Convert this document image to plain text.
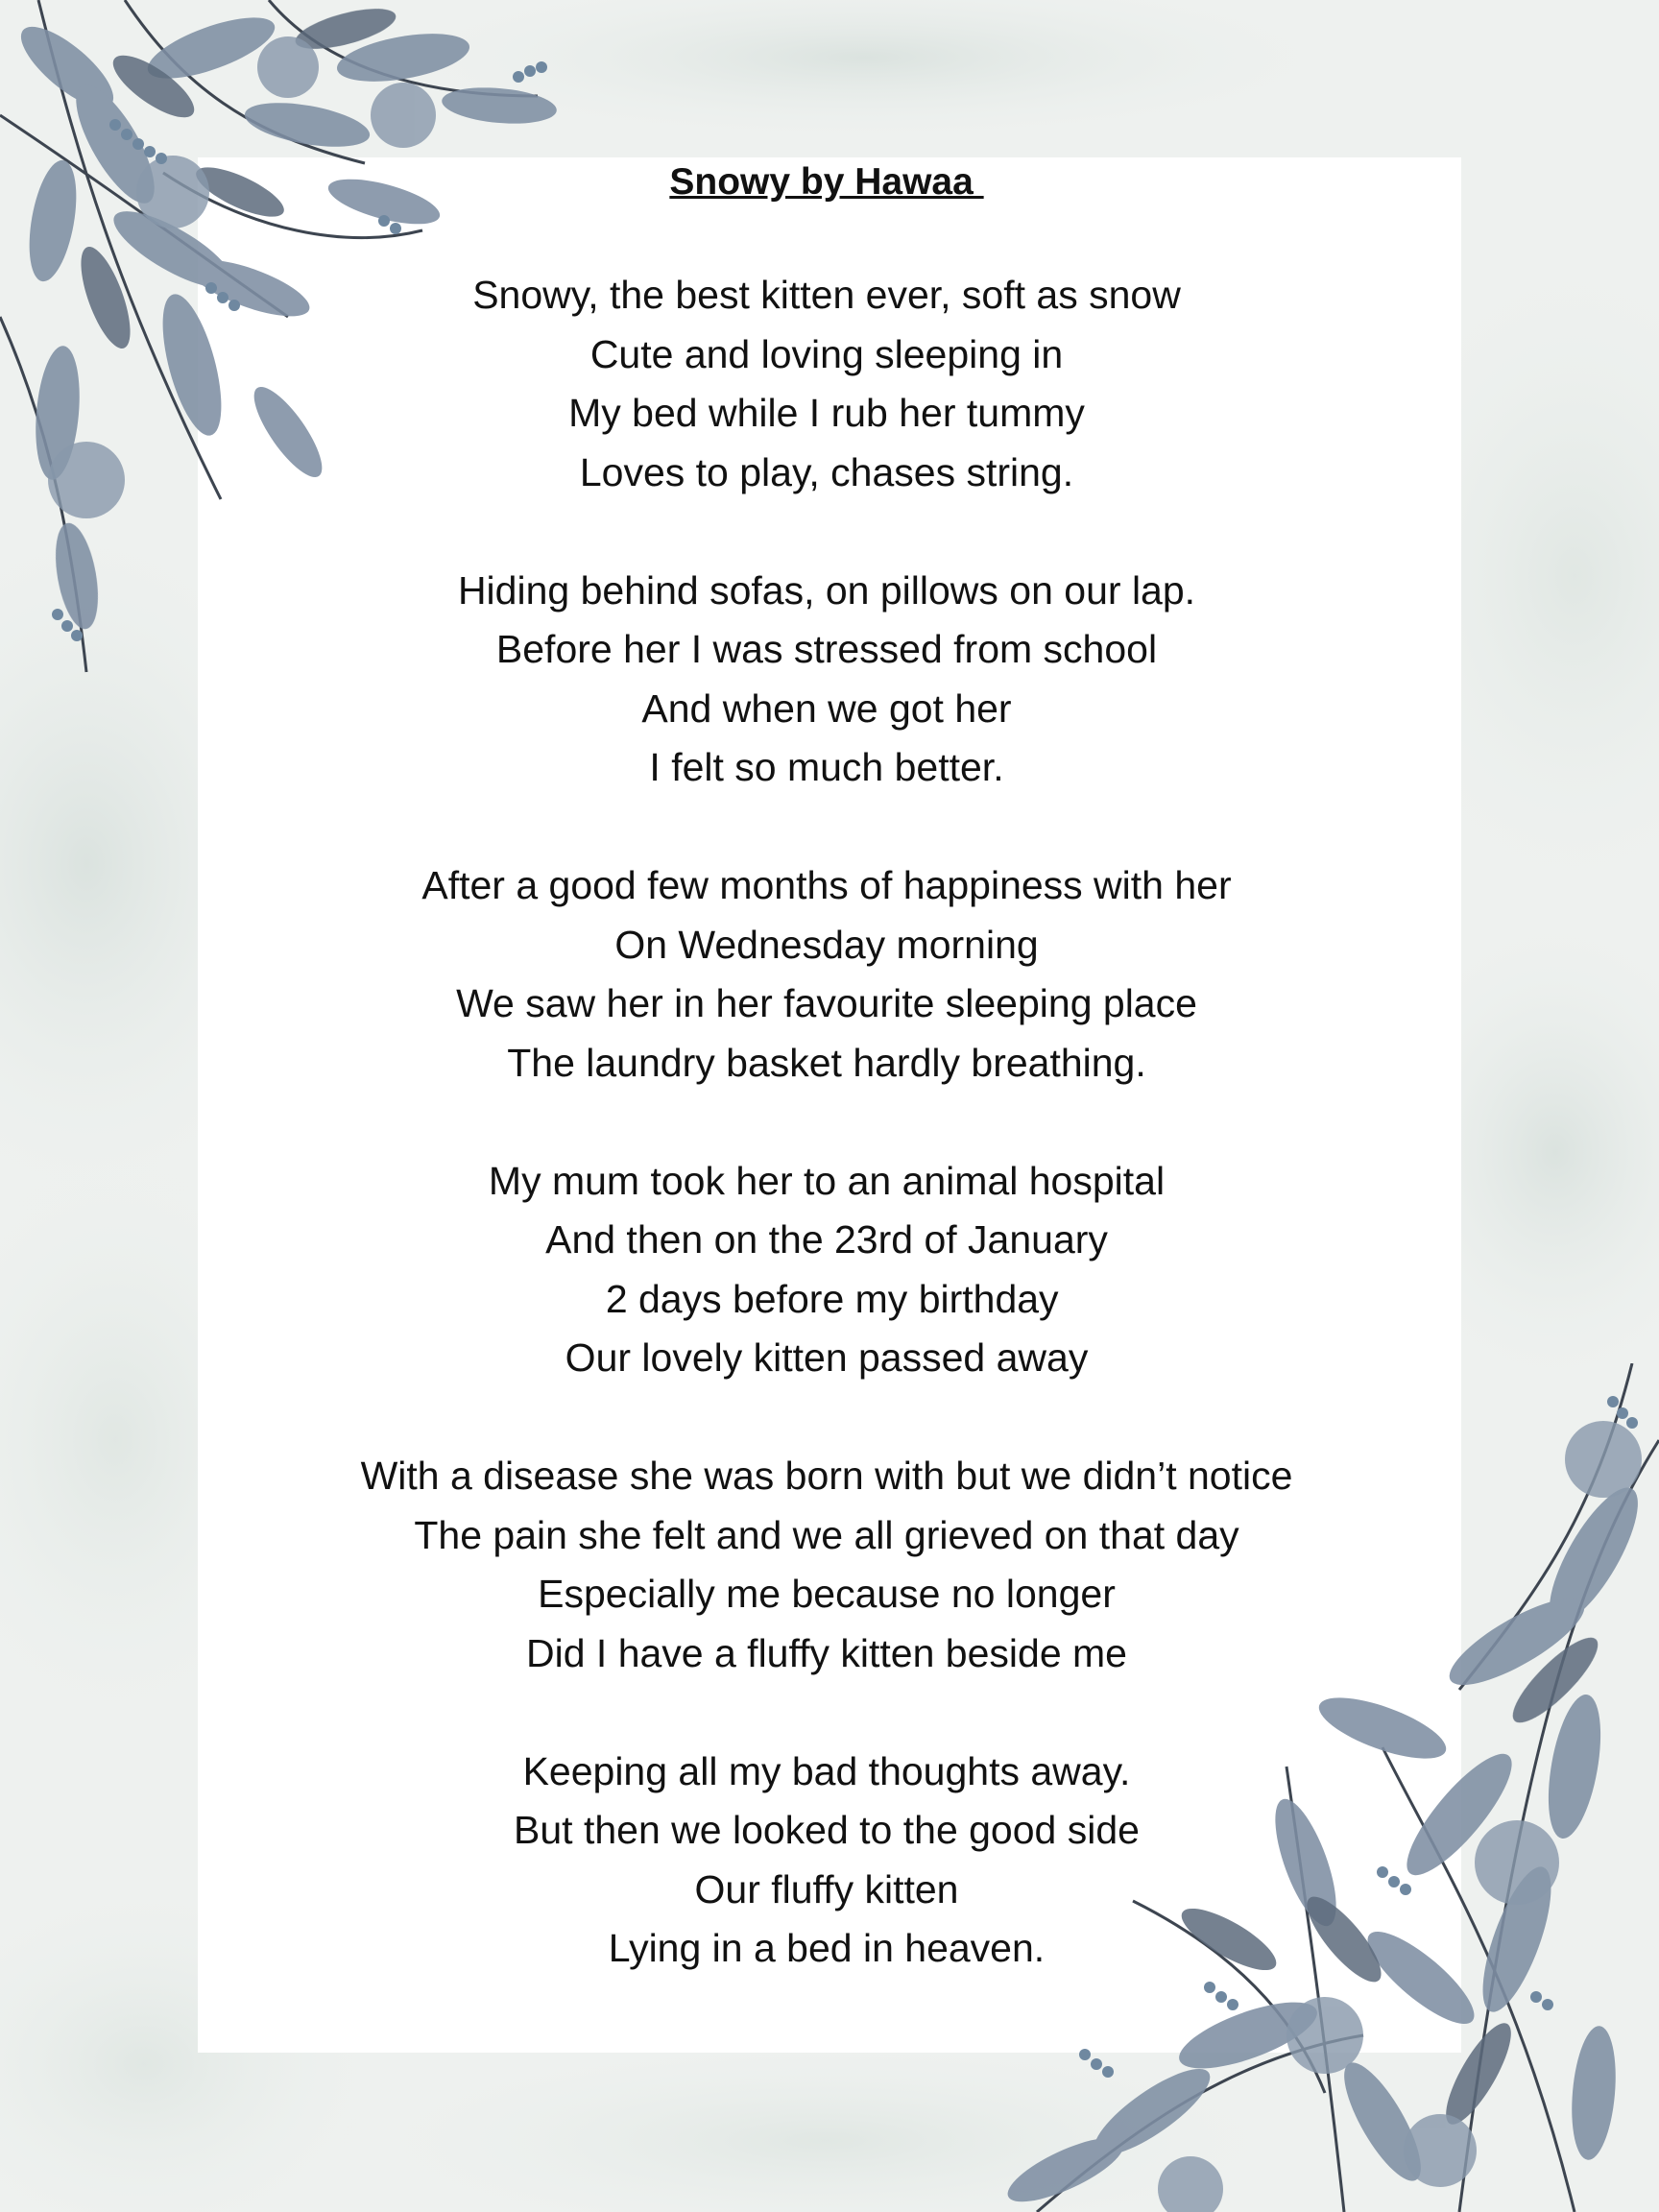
Snowy by Hawaa
Snowy, the best kitten ever, soft as snow
Cute and loving sleeping in
My bed while I rub her tummy
Loves to play, chases string.
Hiding behind sofas, on pillows on our lap.
Before her I was stressed from school
And when we got her
I felt so much better.
After a good few months of happiness with her
On Wednesday morning
We saw her in her favourite sleeping place
The laundry basket hardly breathing.
My mum took her to an animal hospital
And then on the 23rd of January
2 days before my birthday
Our lovely kitten passed away
With a disease she was born with but we didn’t notice
The pain she felt and we all grieved on that day
Especially me because no longer
Did I have a fluffy kitten beside me
Keeping all my bad thoughts away.
But then we looked to the good side
Our fluffy kitten
Lying in a bed in heaven.
